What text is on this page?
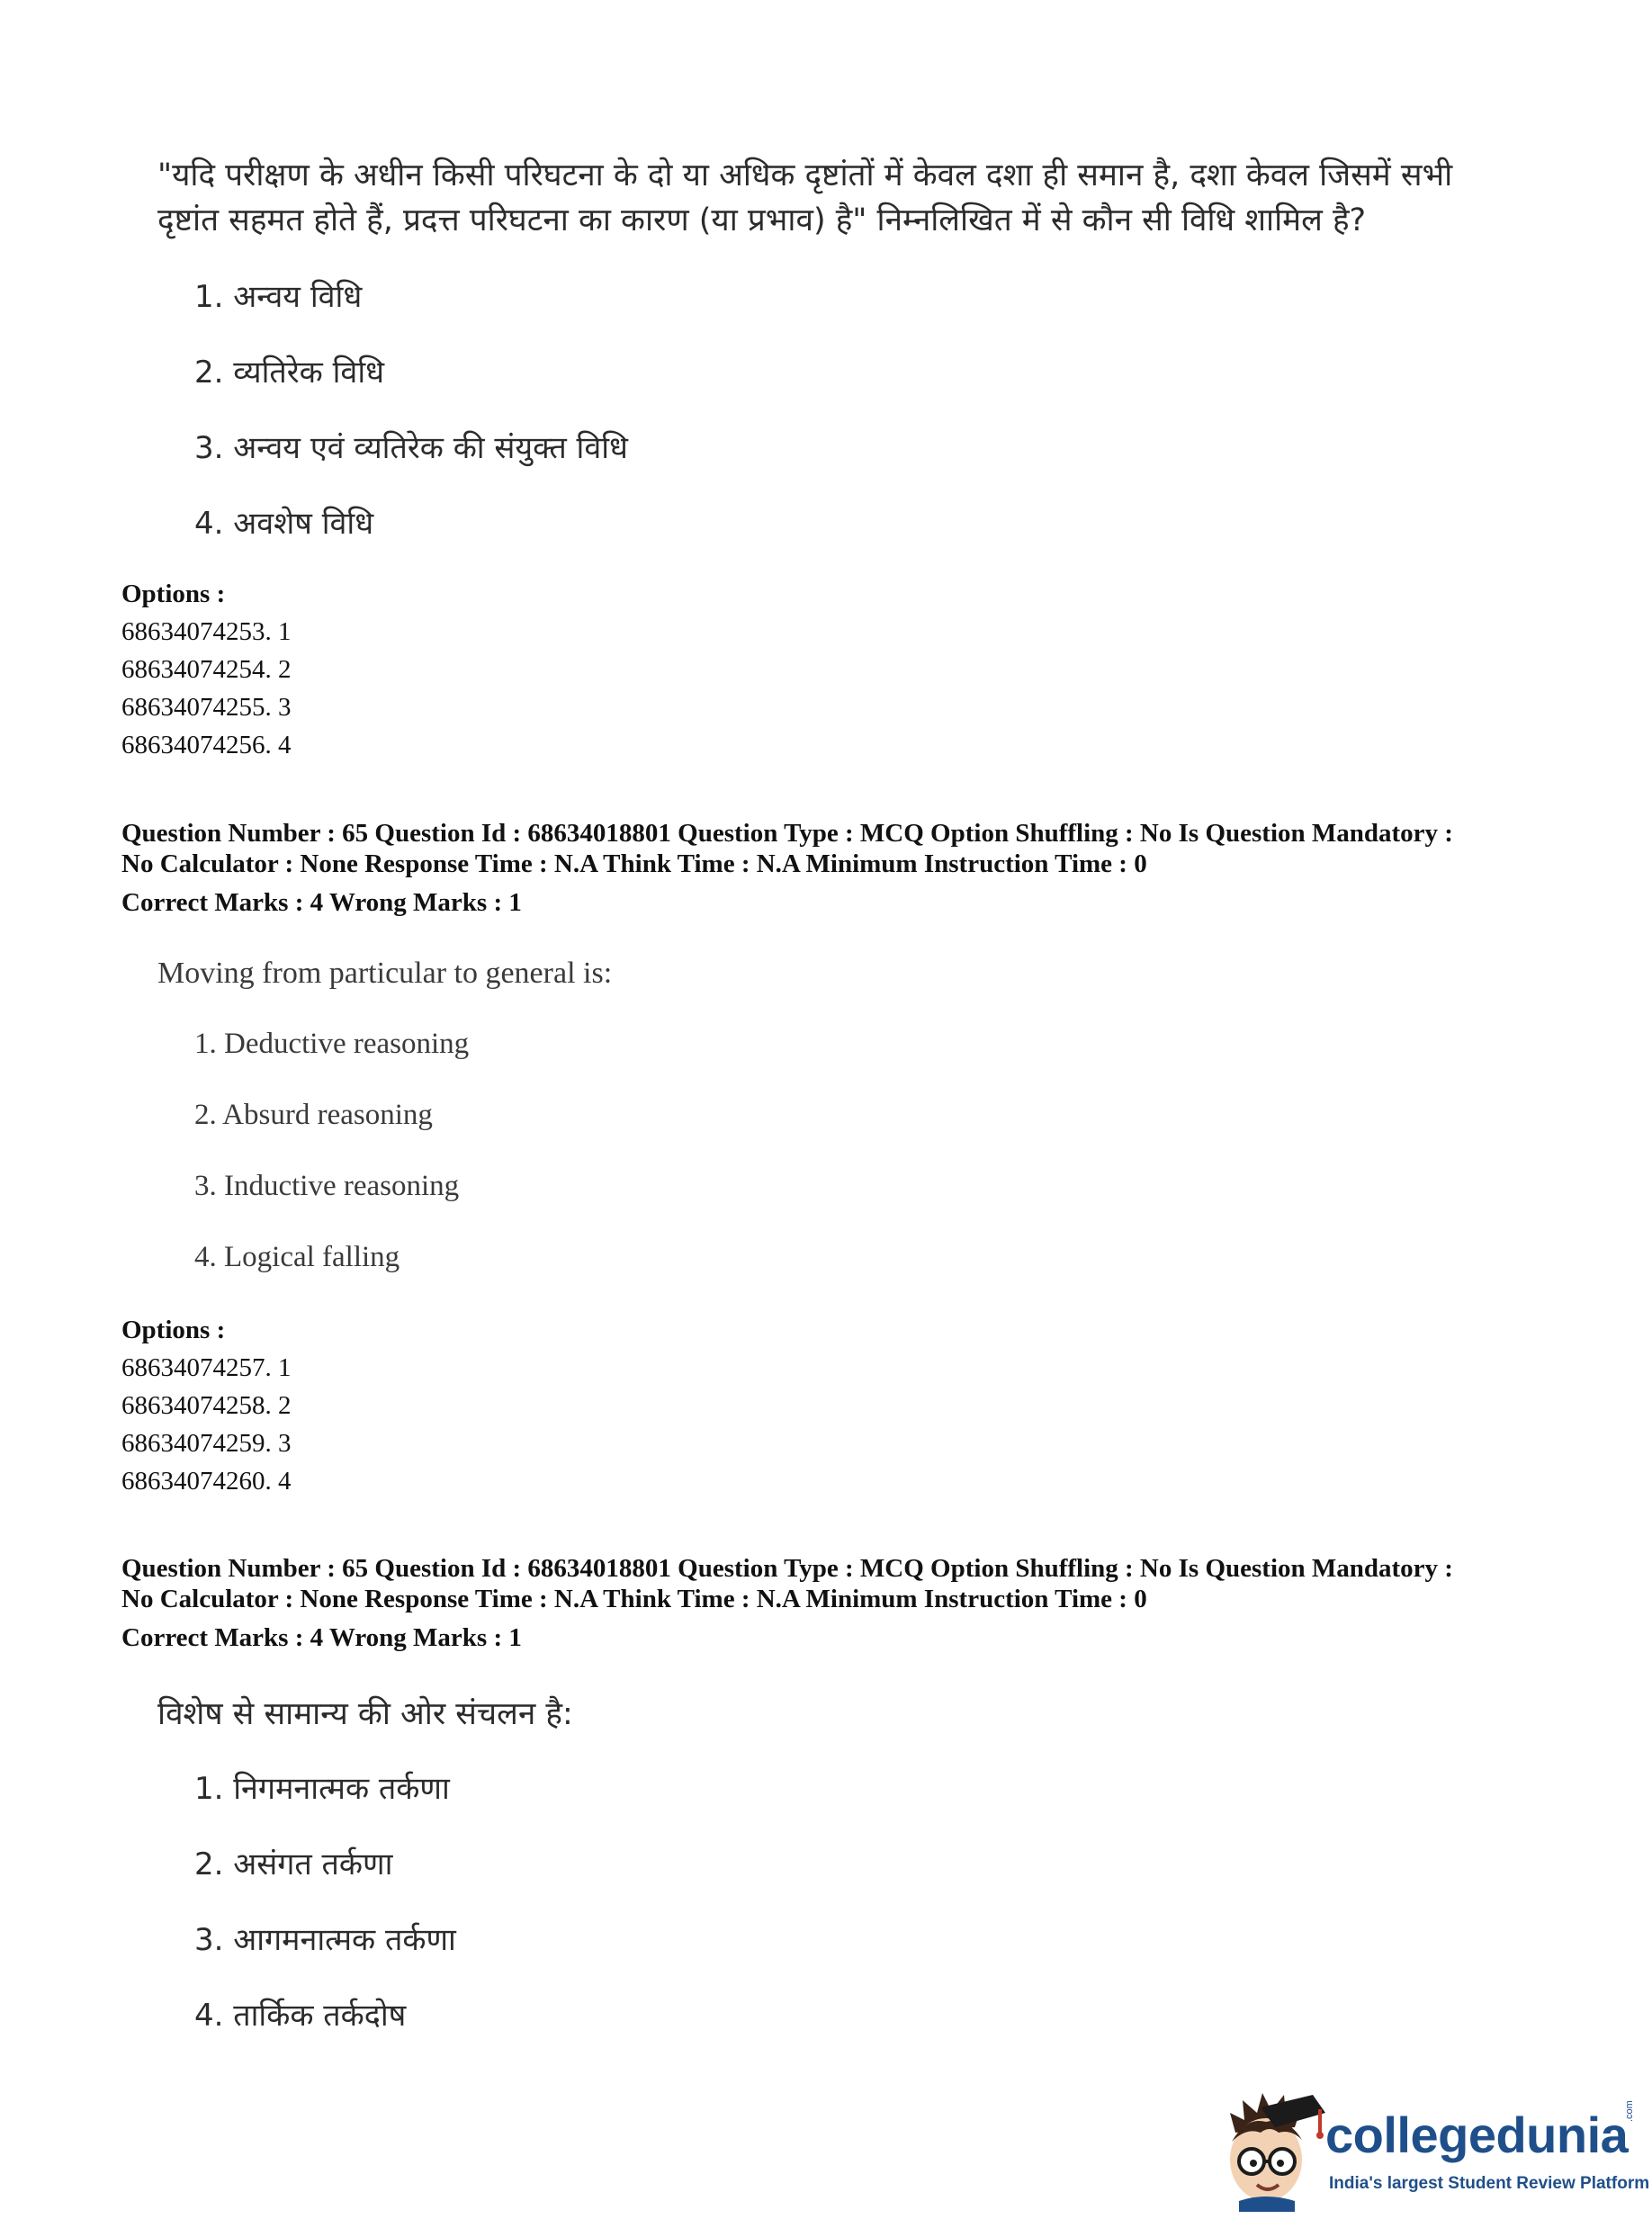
"यदि परीक्षण के अधीन किसी परिघटना के दो या अधिक दृष्टांतों में केवल दशा ही समान है, दशा केवल जिसमें सभी दृष्टांत सहमत होते हैं, प्रदत्त परिघटना का कारण (या प्रभाव) है" निम्नलिखित में से कौन सी विधि शामिल है?
1. अन्वय विधि
2. व्यतिरेक विधि
3. अन्वय एवं व्यतिरेक की संयुक्त विधि
4. अवशेष विधि
Options :
68634074253. 1
68634074254. 2
68634074255. 3
68634074256. 4
Question Number : 65 Question Id : 68634018801 Question Type : MCQ Option Shuffling : No Is Question Mandatory :
No Calculator : None Response Time : N.A Think Time : N.A Minimum Instruction Time : 0
Correct Marks : 4 Wrong Marks : 1
Moving from particular to general is:
1. Deductive reasoning
2. Absurd reasoning
3. Inductive reasoning
4. Logical falling
Options :
68634074257. 1
68634074258. 2
68634074259. 3
68634074260. 4
Question Number : 65 Question Id : 68634018801 Question Type : MCQ Option Shuffling : No Is Question Mandatory :
No Calculator : None Response Time : N.A Think Time : N.A Minimum Instruction Time : 0
Correct Marks : 4 Wrong Marks : 1
विशेष से सामान्य की ओर संचलन है:
1. निगमनात्मक तर्कणा
2. असंगत तर्कणा
3. आगमनात्मक तर्कणा
4. तार्किक तर्कदोष
collegedunia
.com
India's largest Student Review Platform
